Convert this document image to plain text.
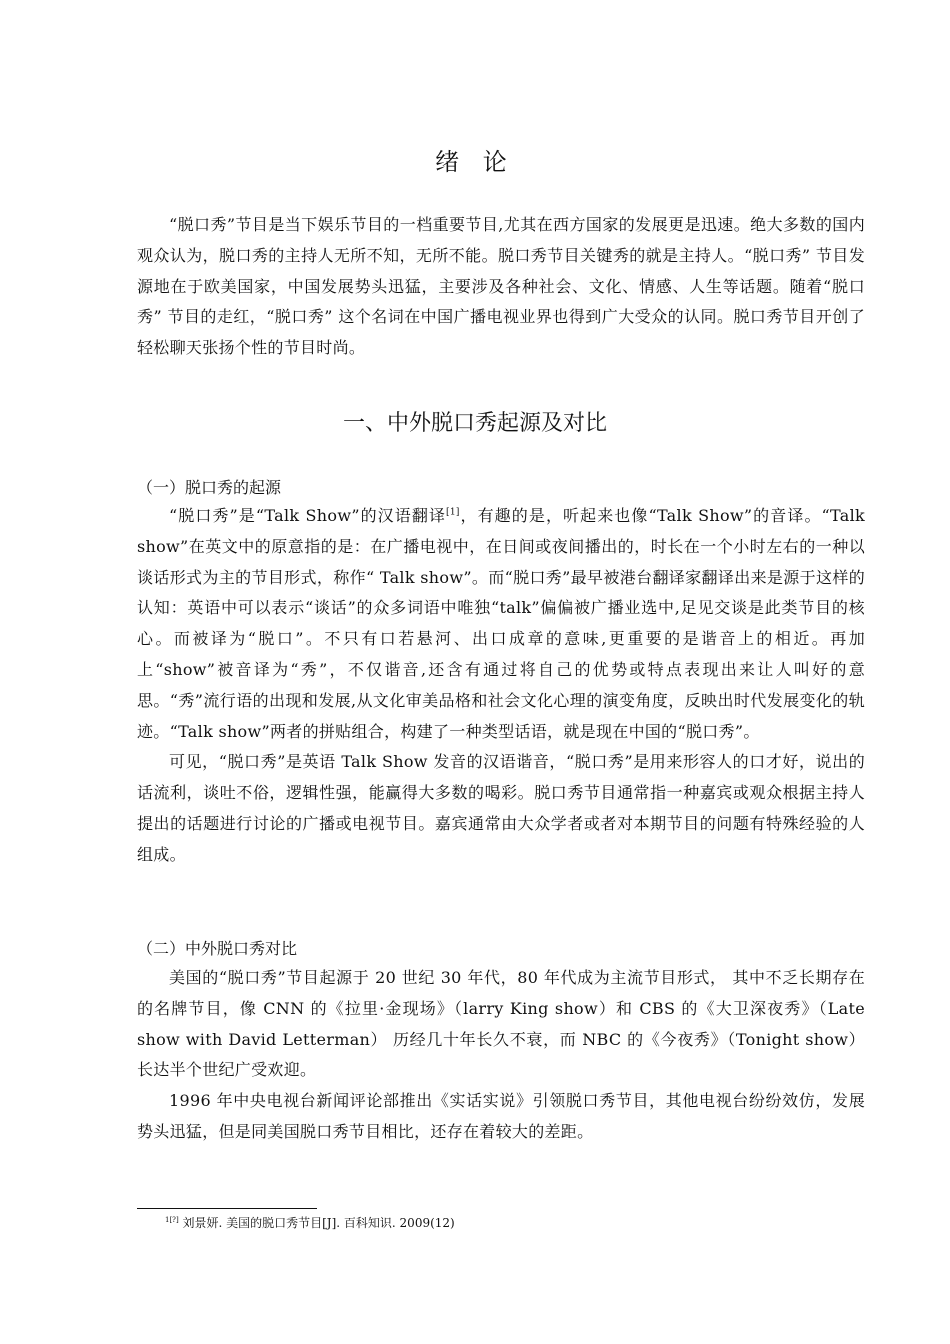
绪 论

“脱口秀”节目是当下娱乐节目的一档重要节目,尤其在西方国家的发展更是迅速。绝大多数的国内观众认为，脱口秀的主持人无所不知，无所不能。脱口秀节目关键秀的就是主持人。“脱口秀” 节目发源地在于欧美国家，中国发展势头迅猛，主要涉及各种社会、文化、情感、人生等话题。随着“脱口秀” 节目的走红，“脱口秀” 这个名词在中国广播电视业界也得到广大受众的认同。脱口秀节目开创了轻松聊天张扬个性的节目时尚。

一、中外脱口秀起源及对比
（一）脱口秀的起源

“脱口秀”是“Talk Show”的汉语翻译[1]，有趣的是，听起来也像“Talk Show”的音译。“Talk show”在英文中的原意指的是：在广播电视中，在日间或夜间播出的，时长在一个小时左右的一种以谈话形式为主的节目形式，称作“ Talk show”。而“脱口秀”最早被港台翻译家翻译出来是源于这样的认知：英语中可以表示“谈话”的众多词语中唯独“talk”偏偏被广播业选中,足见交谈是此类节目的核心。而被译为“脱口”。不只有口若悬河、出口成章的意味,更重要的是谐音上的相近。再加上“show”被音译为“秀”，不仅谐音,还含有通过将自己的优势或特点表现出来让人叫好的意思。“秀”流行语的出现和发展,从文化审美品格和社会文化心理的演变角度，反映出时代发展变化的轨迹。“Talk show”两者的拼贴组合，构建了一种类型话语，就是现在中国的“脱口秀”。

可见，“脱口秀”是英语 Talk Show 发音的汉语谐音，“脱口秀”是用来形容人的口才好，说出的话流利，谈吐不俗，逻辑性强，能赢得大多数的喝彩。脱口秀节目通常指一种嘉宾或观众根据主持人提出的话题进行讨论的广播或电视节目。嘉宾通常由大众学者或者对本期节目的问题有特殊经验的人组成。

（二）中外脱口秀对比

美国的“脱口秀”节目起源于 20 世纪 30 年代，80 年代成为主流节目形式， 其中不乏长期存在的名牌节目，像 CNN 的《拉里·金现场》（larry King show）和 CBS 的《大卫深夜秀》（Late show with David Letterman） 历经几十年长久不衰，而 NBC 的《今夜秀》（Tonight show）长达半个世纪广受欢迎。

1996 年中央电视台新闻评论部推出《实话实说》引领脱口秀节目，其他电视台纷纷效仿，发展势头迅猛，但是同美国脱口秀节目相比，还存在着较大的差距。

$^{1[?]}$ 刘景妍. 美国的脱口秀节目[J]. 百科知识. 2009(12)
